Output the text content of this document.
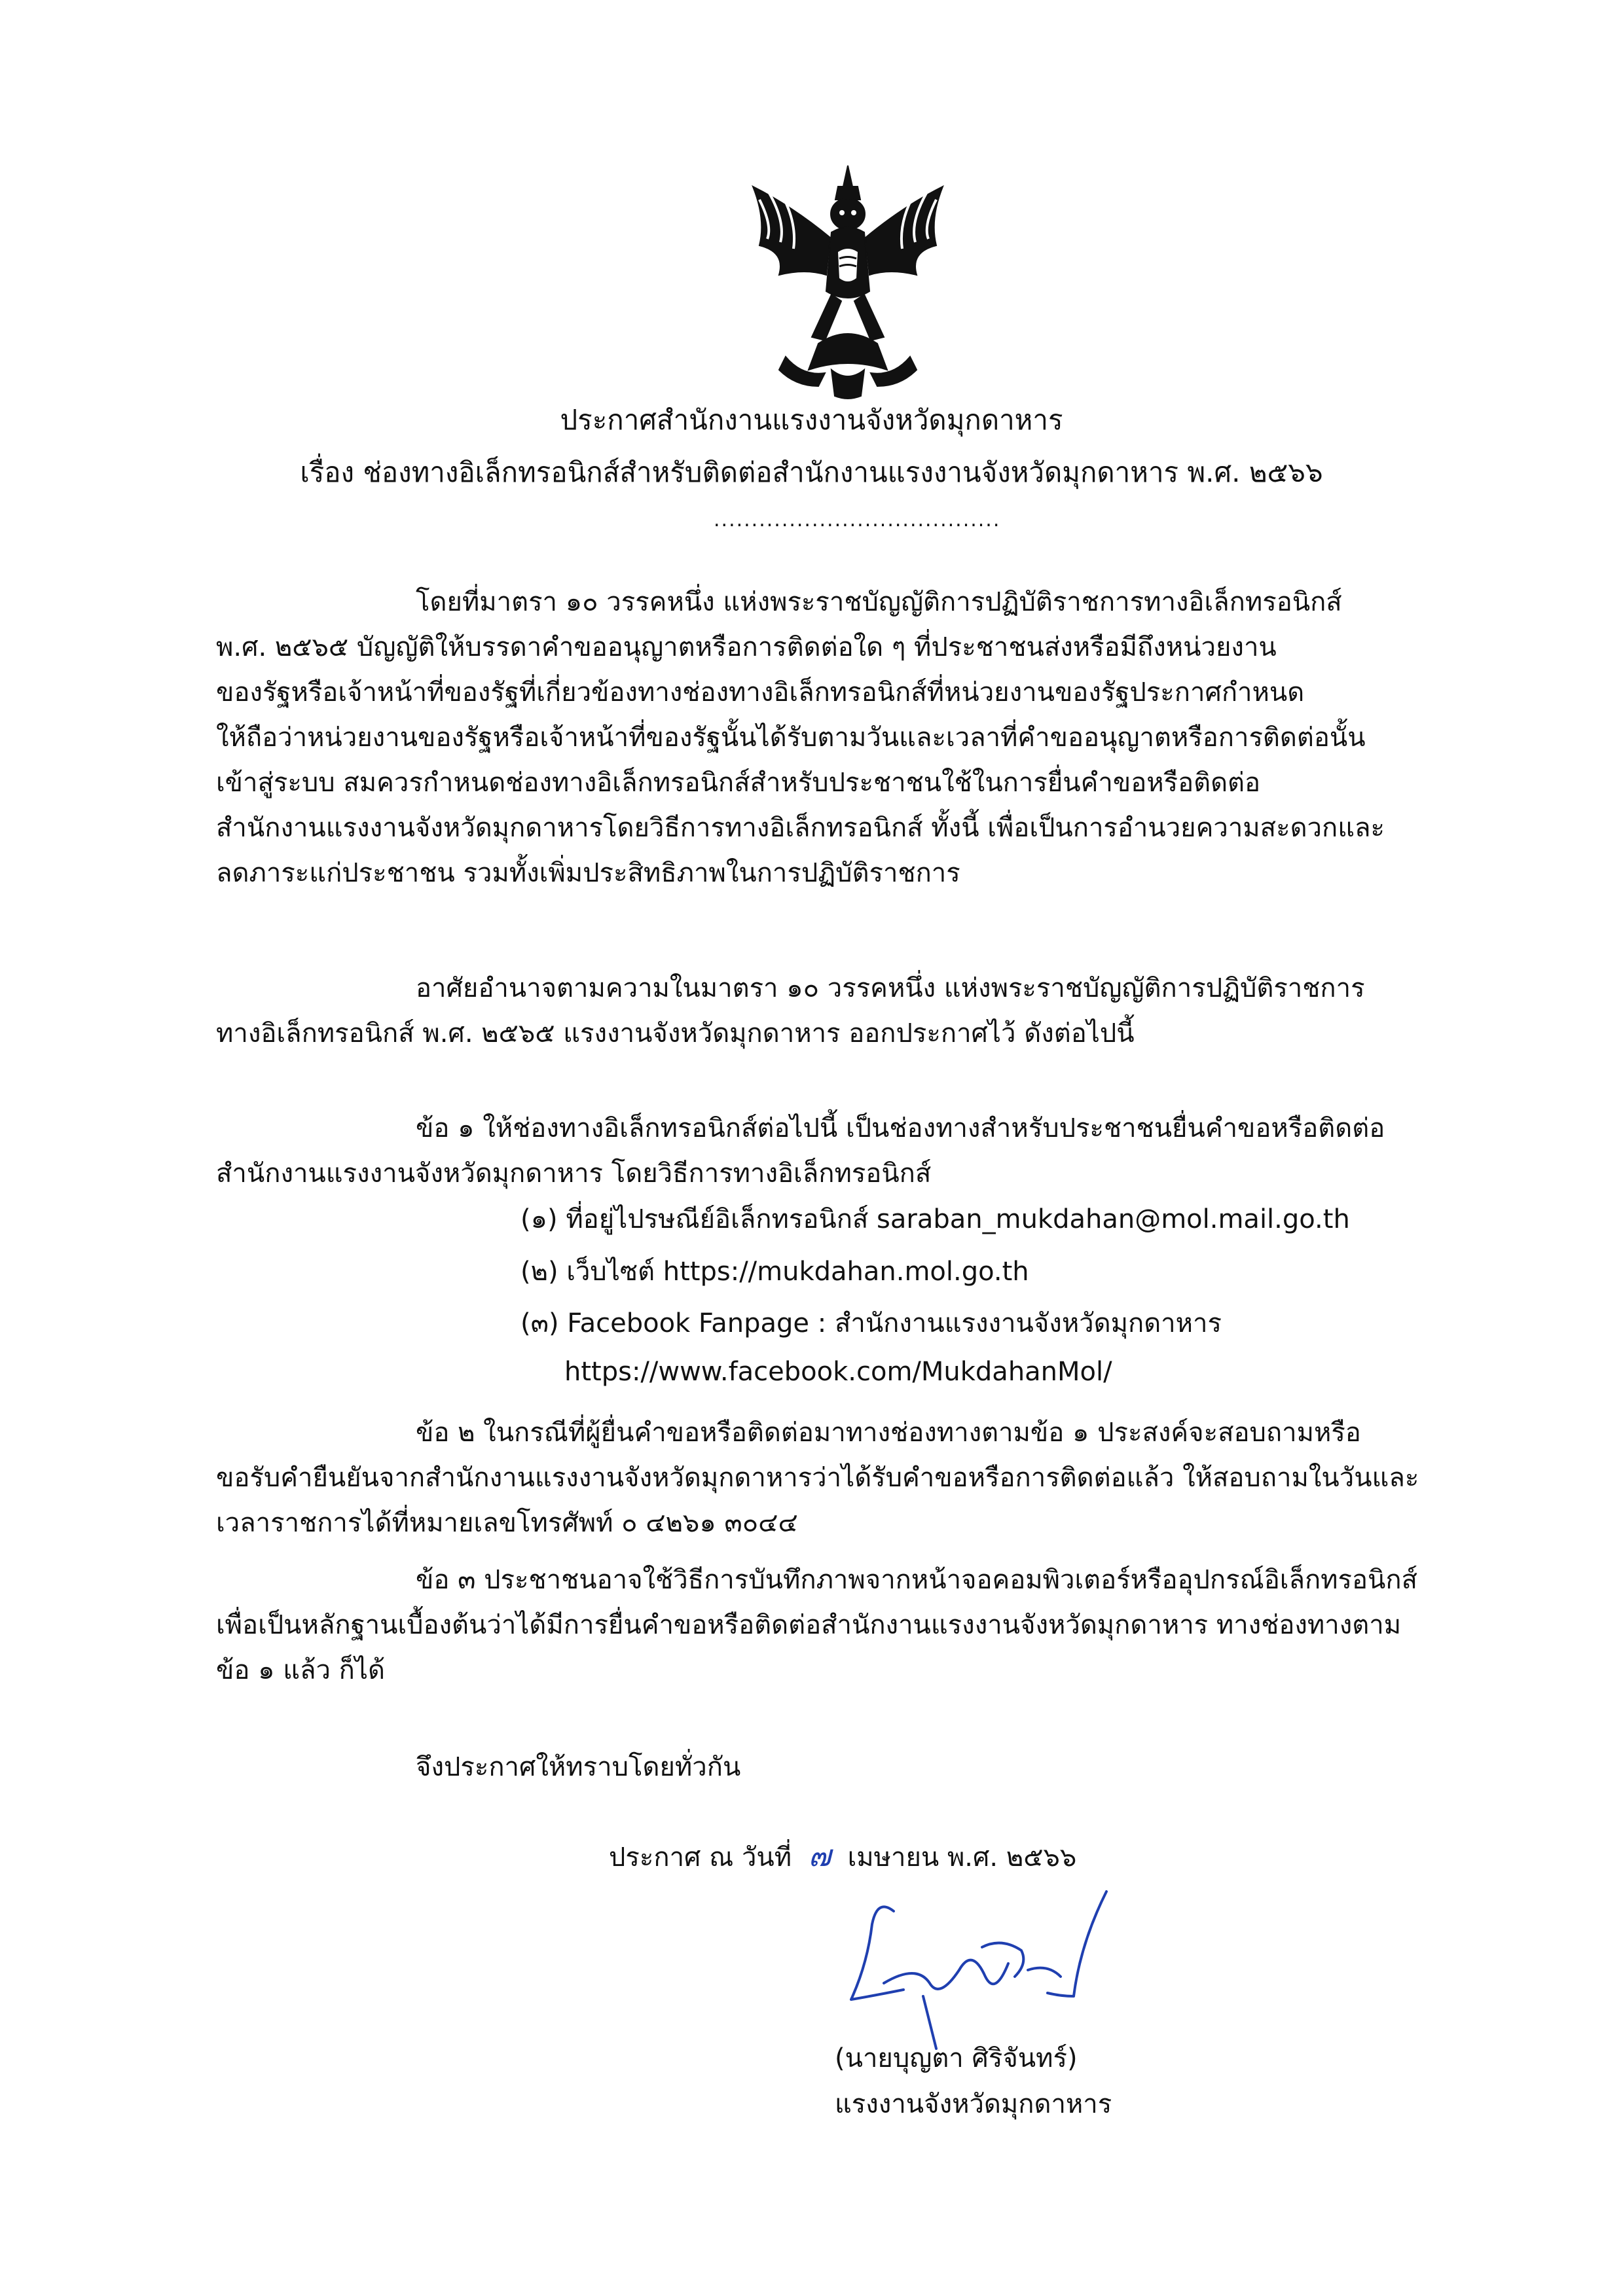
ประกาศสำนักงานแรงงานจังหวัดมุกดาหาร
เรื่อง ช่องทางอิเล็กทรอนิกส์สำหรับติดต่อสำนักงานแรงงานจังหวัดมุกดาหาร พ.ศ. ๒๕๖๖
......................................
โดยที่มาตรา ๑๐ วรรคหนึ่ง แห่งพระราชบัญญัติการปฏิบัติราชการทางอิเล็กทรอนิกส์
พ.ศ. ๒๕๖๕ บัญญัติให้บรรดาคำขออนุญาตหรือการติดต่อใด ๆ ที่ประชาชนส่งหรือมีถึงหน่วยงาน
ของรัฐหรือเจ้าหน้าที่ของรัฐที่เกี่ยวข้องทางช่องทางอิเล็กทรอนิกส์ที่หน่วยงานของรัฐประกาศกำหนด
ให้ถือว่าหน่วยงานของรัฐหรือเจ้าหน้าที่ของรัฐนั้นได้รับตามวันและเวลาที่คำขออนุญาตหรือการติดต่อนั้น
เข้าสู่ระบบ สมควรกำหนดช่องทางอิเล็กทรอนิกส์สำหรับประชาชนใช้ในการยื่นคำขอหรือติดต่อ
สำนักงานแรงงานจังหวัดมุกดาหารโดยวิธีการทางอิเล็กทรอนิกส์ ทั้งนี้ เพื่อเป็นการอำนวยความสะดวกและ
ลดภาระแก่ประชาชน รวมทั้งเพิ่มประสิทธิภาพในการปฏิบัติราชการ
อาศัยอำนาจตามความในมาตรา ๑๐ วรรคหนึ่ง แห่งพระราชบัญญัติการปฏิบัติราชการ
ทางอิเล็กทรอนิกส์ พ.ศ. ๒๕๖๕ แรงงานจังหวัดมุกดาหาร ออกประกาศไว้ ดังต่อไปนี้
ข้อ ๑ ให้ช่องทางอิเล็กทรอนิกส์ต่อไปนี้ เป็นช่องทางสำหรับประชาชนยื่นคำขอหรือติดต่อ
สำนักงานแรงงานจังหวัดมุกดาหาร โดยวิธีการทางอิเล็กทรอนิกส์
(๑) ที่อยู่ไปรษณีย์อิเล็กทรอนิกส์ saraban_mukdahan@mol.mail.go.th
(๒) เว็บไซต์ https://mukdahan.mol.go.th
(๓) Facebook Fanpage : สำนักงานแรงงานจังหวัดมุกดาหาร
https://www.facebook.com/MukdahanMol/
ข้อ ๒ ในกรณีที่ผู้ยื่นคำขอหรือติดต่อมาทางช่องทางตามข้อ ๑ ประสงค์จะสอบถามหรือ
ขอรับคำยืนยันจากสำนักงานแรงงานจังหวัดมุกดาหารว่าได้รับคำขอหรือการติดต่อแล้ว ให้สอบถามในวันและ
เวลาราชการได้ที่หมายเลขโทรศัพท์ ๐ ๔๒๖๑ ๓๐๔๔
ข้อ ๓ ประชาชนอาจใช้วิธีการบันทึกภาพจากหน้าจอคอมพิวเตอร์หรืออุปกรณ์อิเล็กทรอนิกส์
เพื่อเป็นหลักฐานเบื้องต้นว่าได้มีการยื่นคำขอหรือติดต่อสำนักงานแรงงานจังหวัดมุกดาหาร ทางช่องทางตาม
ข้อ ๑ แล้ว ก็ได้
จึงประกาศให้ทราบโดยทั่วกัน
ประกาศ ณ วันที่ ๗ เมษายน พ.ศ. ๒๕๖๖
(นายบุญตา ศิริจันทร์)
แรงงานจังหวัดมุกดาหาร
